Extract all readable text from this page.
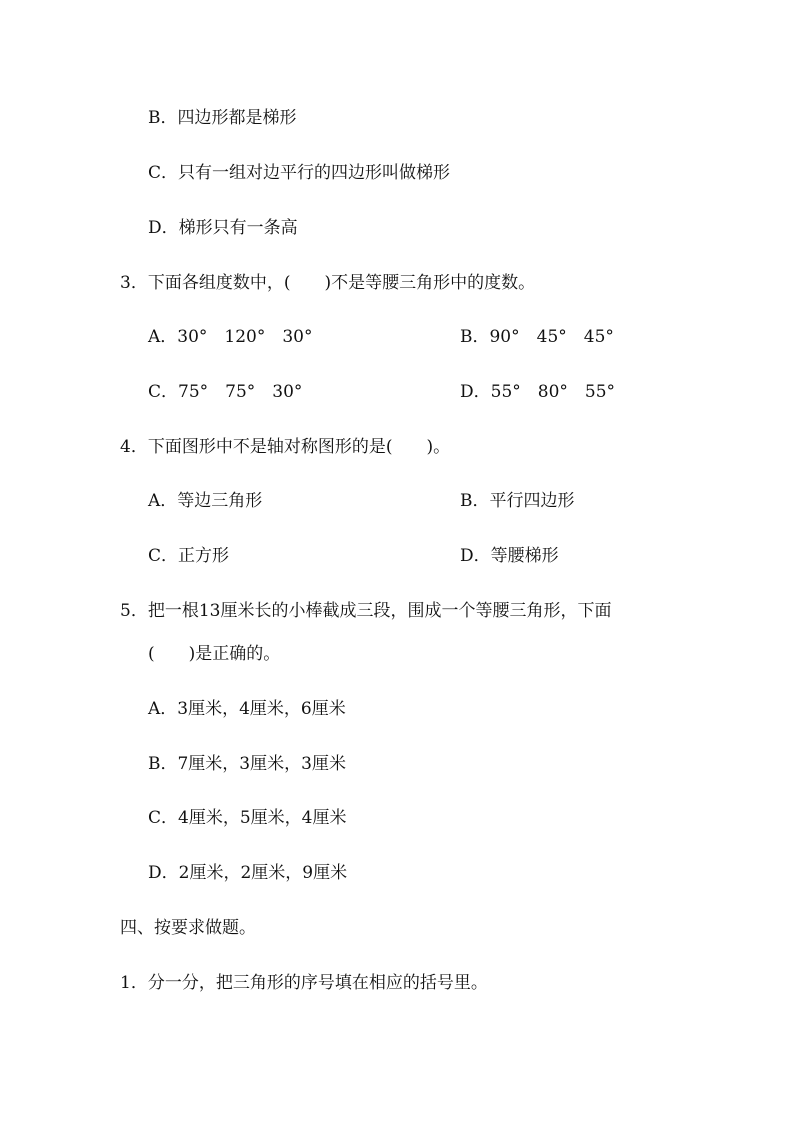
B．四边形都是梯形
C．只有一组对边平行的四边形叫做梯形
D．梯形只有一条高
3．下面各组度数中，(　　)不是等腰三角形中的度数。
A．30°　120°　30°	B．90°　45°　45°
C．75°　75°　30°	D．55°　80°　55°
4．下面图形中不是轴对称图形的是(　　)。
A．等边三角形	B．平行四边形
C．正方形	D．等腰梯形
5．把一根13厘米长的小棒截成三段，围成一个等腰三角形，下面
(　　)是正确的。
A．3厘米，4厘米，6厘米
B．7厘米，3厘米，3厘米
C．4厘米，5厘米，4厘米
D．2厘米，2厘米，9厘米
四、按要求做题。
1．分一分，把三角形的序号填在相应的括号里。
